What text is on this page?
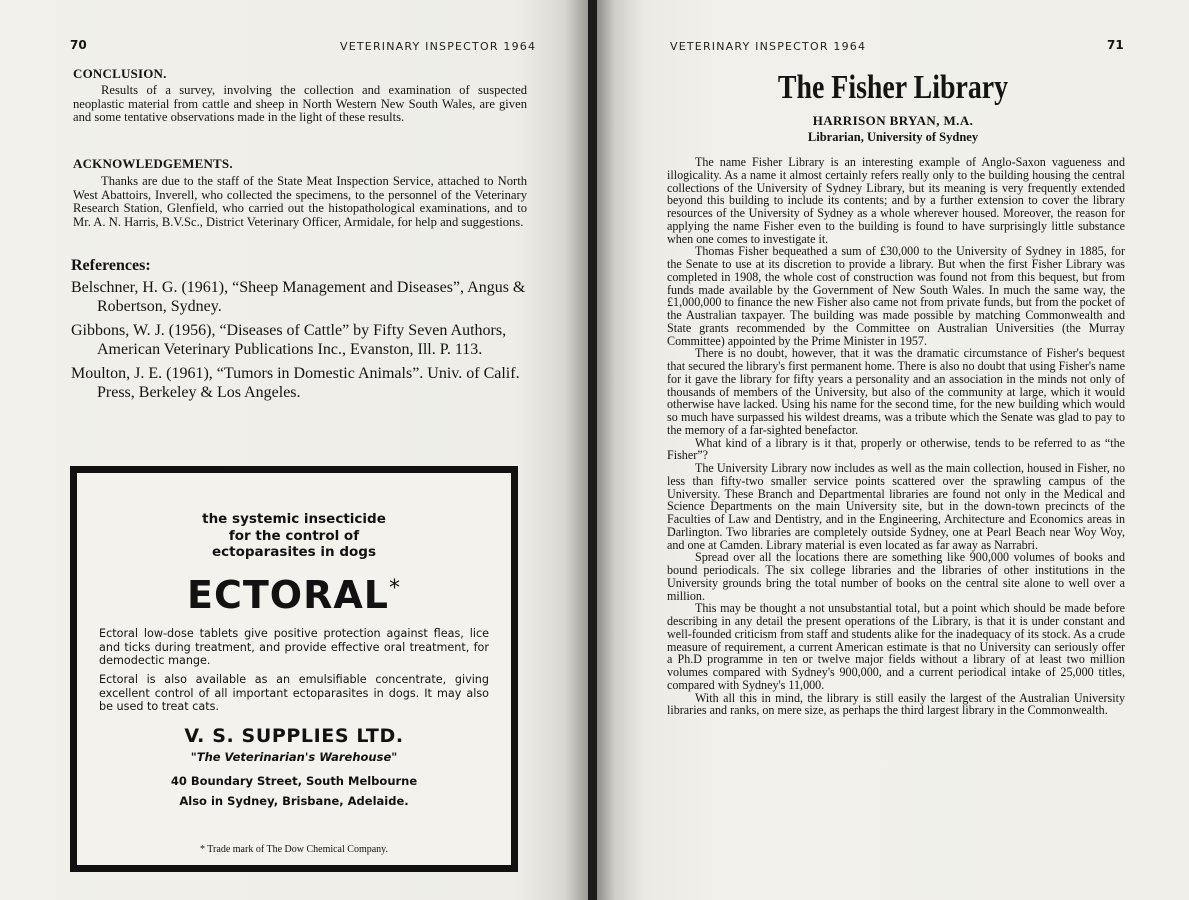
70	VETERINARY INSPECTOR 1964

CONCLUSION.

Results of a survey, involving the collection and examination of suspected neoplastic material from cattle and sheep in North Western New South Wales, are given and some tentative observations made in the light of these results.

ACKNOWLEDGEMENTS.

Thanks are due to the staff of the State Meat Inspection Service, attached to North West Abattoirs, Inverell, who collected the specimens, to the personnel of the Veterinary Research Station, Glenfield, who carried out the histopathological examinations, and to Mr. A. N. Harris, B.V.Sc., District Veterinary Officer, Armidale, for help and suggestions.

References:

Belschner, H. G. (1961), “Sheep Management and Diseases”, Angus & Robertson, Sydney.

Gibbons, W. J. (1956), “Diseases of Cattle” by Fifty Seven Authors, American Veterinary Publications Inc., Evanston, Ill. P. 113.

Moulton, J. E. (1961), “Tumors in Domestic Animals”. Univ. of Calif. Press, Berkeley & Los Angeles.

the systemic insecticide
for the control of
ectoparasites in dogs
ECTORAL*

Ectoral low-dose tablets give positive protection against fleas, lice and ticks during treatment, and provide effective oral treatment, for demodectic mange.

Ectoral is also available as an emulsifiable concentrate, giving excellent control of all important ectoparasites in dogs. It may also be used to treat cats.

V. S. SUPPLIES LTD.
"The Veterinarian's Warehouse"
40 Boundary Street, South Melbourne
Also in Sydney, Brisbane, Adelaide.
* Trade mark of The Dow Chemical Company.
VETERINARY INSPECTOR 1964	71
The Fisher Library
HARRISON BRYAN, M.A.
Librarian, University of Sydney

The name Fisher Library is an interesting example of Anglo-Saxon vagueness and illogicality. As a name it almost certainly refers really only to the building housing the central collections of the University of Sydney Library, but its meaning is very frequently extended beyond this building to include its contents; and by a further extension to cover the library resources of the University of Sydney as a whole wherever housed. Moreover, the reason for applying the name Fisher even to the building is found to have surprisingly little substance when one comes to investigate it.

Thomas Fisher bequeathed a sum of £30,000 to the University of Sydney in 1885, for the Senate to use at its discretion to provide a library. But when the first Fisher Library was completed in 1908, the whole cost of construction was found not from this bequest, but from funds made available by the Government of New South Wales. In much the same way, the £1,000,000 to finance the new Fisher also came not from private funds, but from the pocket of the Australian taxpayer. The building was made possible by matching Commonwealth and State grants recommended by the Committee on Australian Universities (the Murray Committee) appointed by the Prime Minister in 1957.

There is no doubt, however, that it was the dramatic circumstance of Fisher's bequest that secured the library's first permanent home. There is also no doubt that using Fisher's name for it gave the library for fifty years a personality and an association in the minds not only of thousands of members of the University, but also of the community at large, which it would otherwise have lacked. Using his name for the second time, for the new building which would so much have surpassed his wildest dreams, was a tribute which the Senate was glad to pay to the memory of a far-sighted benefactor.

What kind of a library is it that, properly or otherwise, tends to be referred to as “the Fisher”?

The University Library now includes as well as the main collection, housed in Fisher, no less than fifty-two smaller service points scattered over the sprawling campus of the University. These Branch and Departmental libraries are found not only in the Medical and Science Departments on the main University site, but in the down-town precincts of the Faculties of Law and Dentistry, and in the Engineering, Architecture and Economics areas in Darlington. Two libraries are completely outside Sydney, one at Pearl Beach near Woy Woy, and one at Camden. Library material is even located as far away as Narrabri.

Spread over all the locations there are something like 900,000 volumes of books and bound periodicals. The six college libraries and the libraries of other institutions in the University grounds bring the total number of books on the central site alone to well over a million.

This may be thought a not unsubstantial total, but a point which should be made before describing in any detail the present operations of the Library, is that it is under constant and well-founded criticism from staff and students alike for the inadequacy of its stock. As a crude measure of requirement, a current American estimate is that no University can seriously offer a Ph.D programme in ten or twelve major fields without a library of at least two million volumes compared with Sydney's 900,000, and a current periodical intake of 25,000 titles, compared with Sydney's 11,000.

With all this in mind, the library is still easily the largest of the Australian University libraries and ranks, on mere size, as perhaps the third largest library in the Commonwealth.
